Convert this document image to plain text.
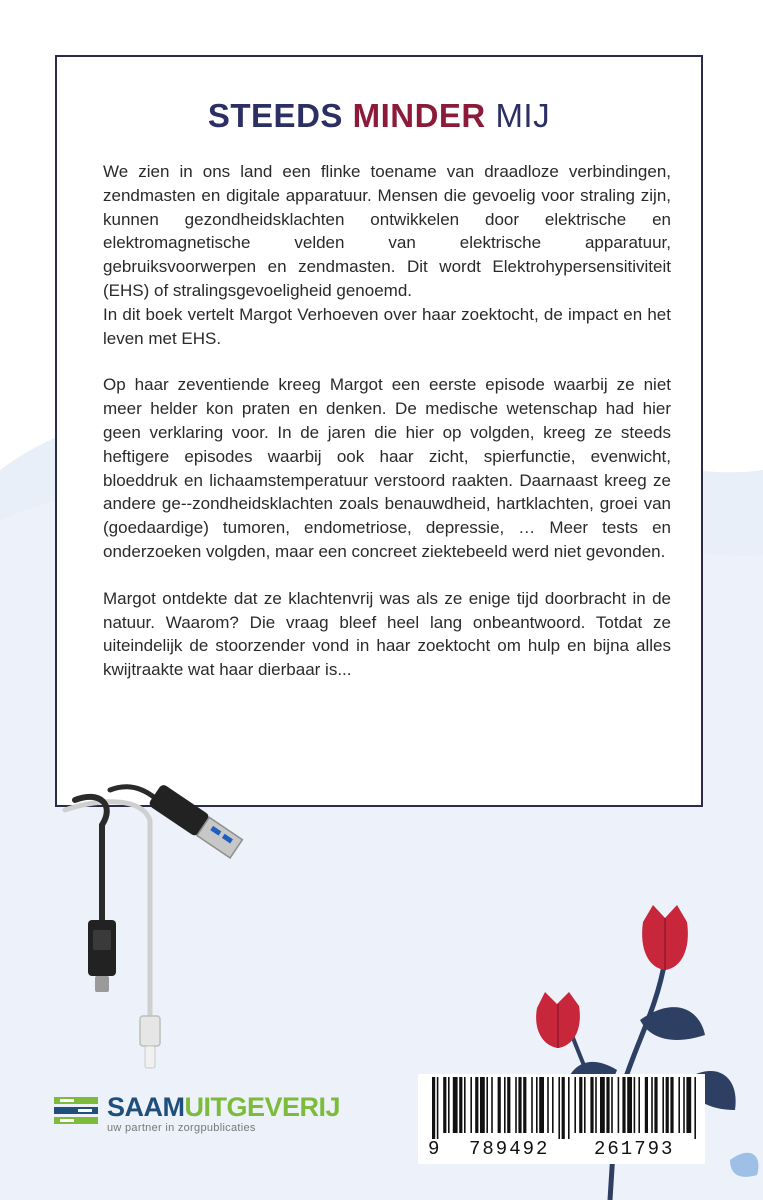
STEEDS MINDER MIJ

We zien in ons land een flinke toename van draadloze verbindingen, zendmasten en digitale apparatuur. Mensen die gevoelig voor straling zijn, kunnen gezondheidsklachten ontwikkelen door elektrische en elektromagnetische velden van elektrische apparatuur, gebruiksvoorwerpen en zendmasten. Dit wordt Elektrohypersensitiviteit (EHS) of stralingsgevoeligheid genoemd.

In dit boek vertelt Margot Verhoeven over haar zoektocht, de impact en het leven met EHS.

Op haar zeventiende kreeg Margot een eerste episode waarbij ze niet meer helder kon praten en denken. De medische wetenschap had hier geen verklaring voor. In de jaren die hier op volgden, kreeg ze steeds heftigere episodes waarbij ook haar zicht, spierfunctie, evenwicht, bloeddruk en lichaamstemperatuur verstoord raakten. Daarnaast kreeg ze andere ge--zondheidsklachten zoals benauwdheid, hartklachten, groei van (goedaardige) tumoren, endometriose, depressie, … Meer tests en onderzoeken volgden, maar een concreet ziektebeeld werd niet gevonden.

Margot ontdekte dat ze klachtenvrij was als ze enige tijd doorbracht in de natuur. Waarom? Die vraag bleef heel lang onbeantwoord. Totdat ze uiteindelijk de stoorzender vond in haar zoektocht om hulp en bijna alles kwijtraakte wat haar dierbaar is...

SAAMUITGEVERIJ
uw partner in zorgpublicaties
9 789492 261793
